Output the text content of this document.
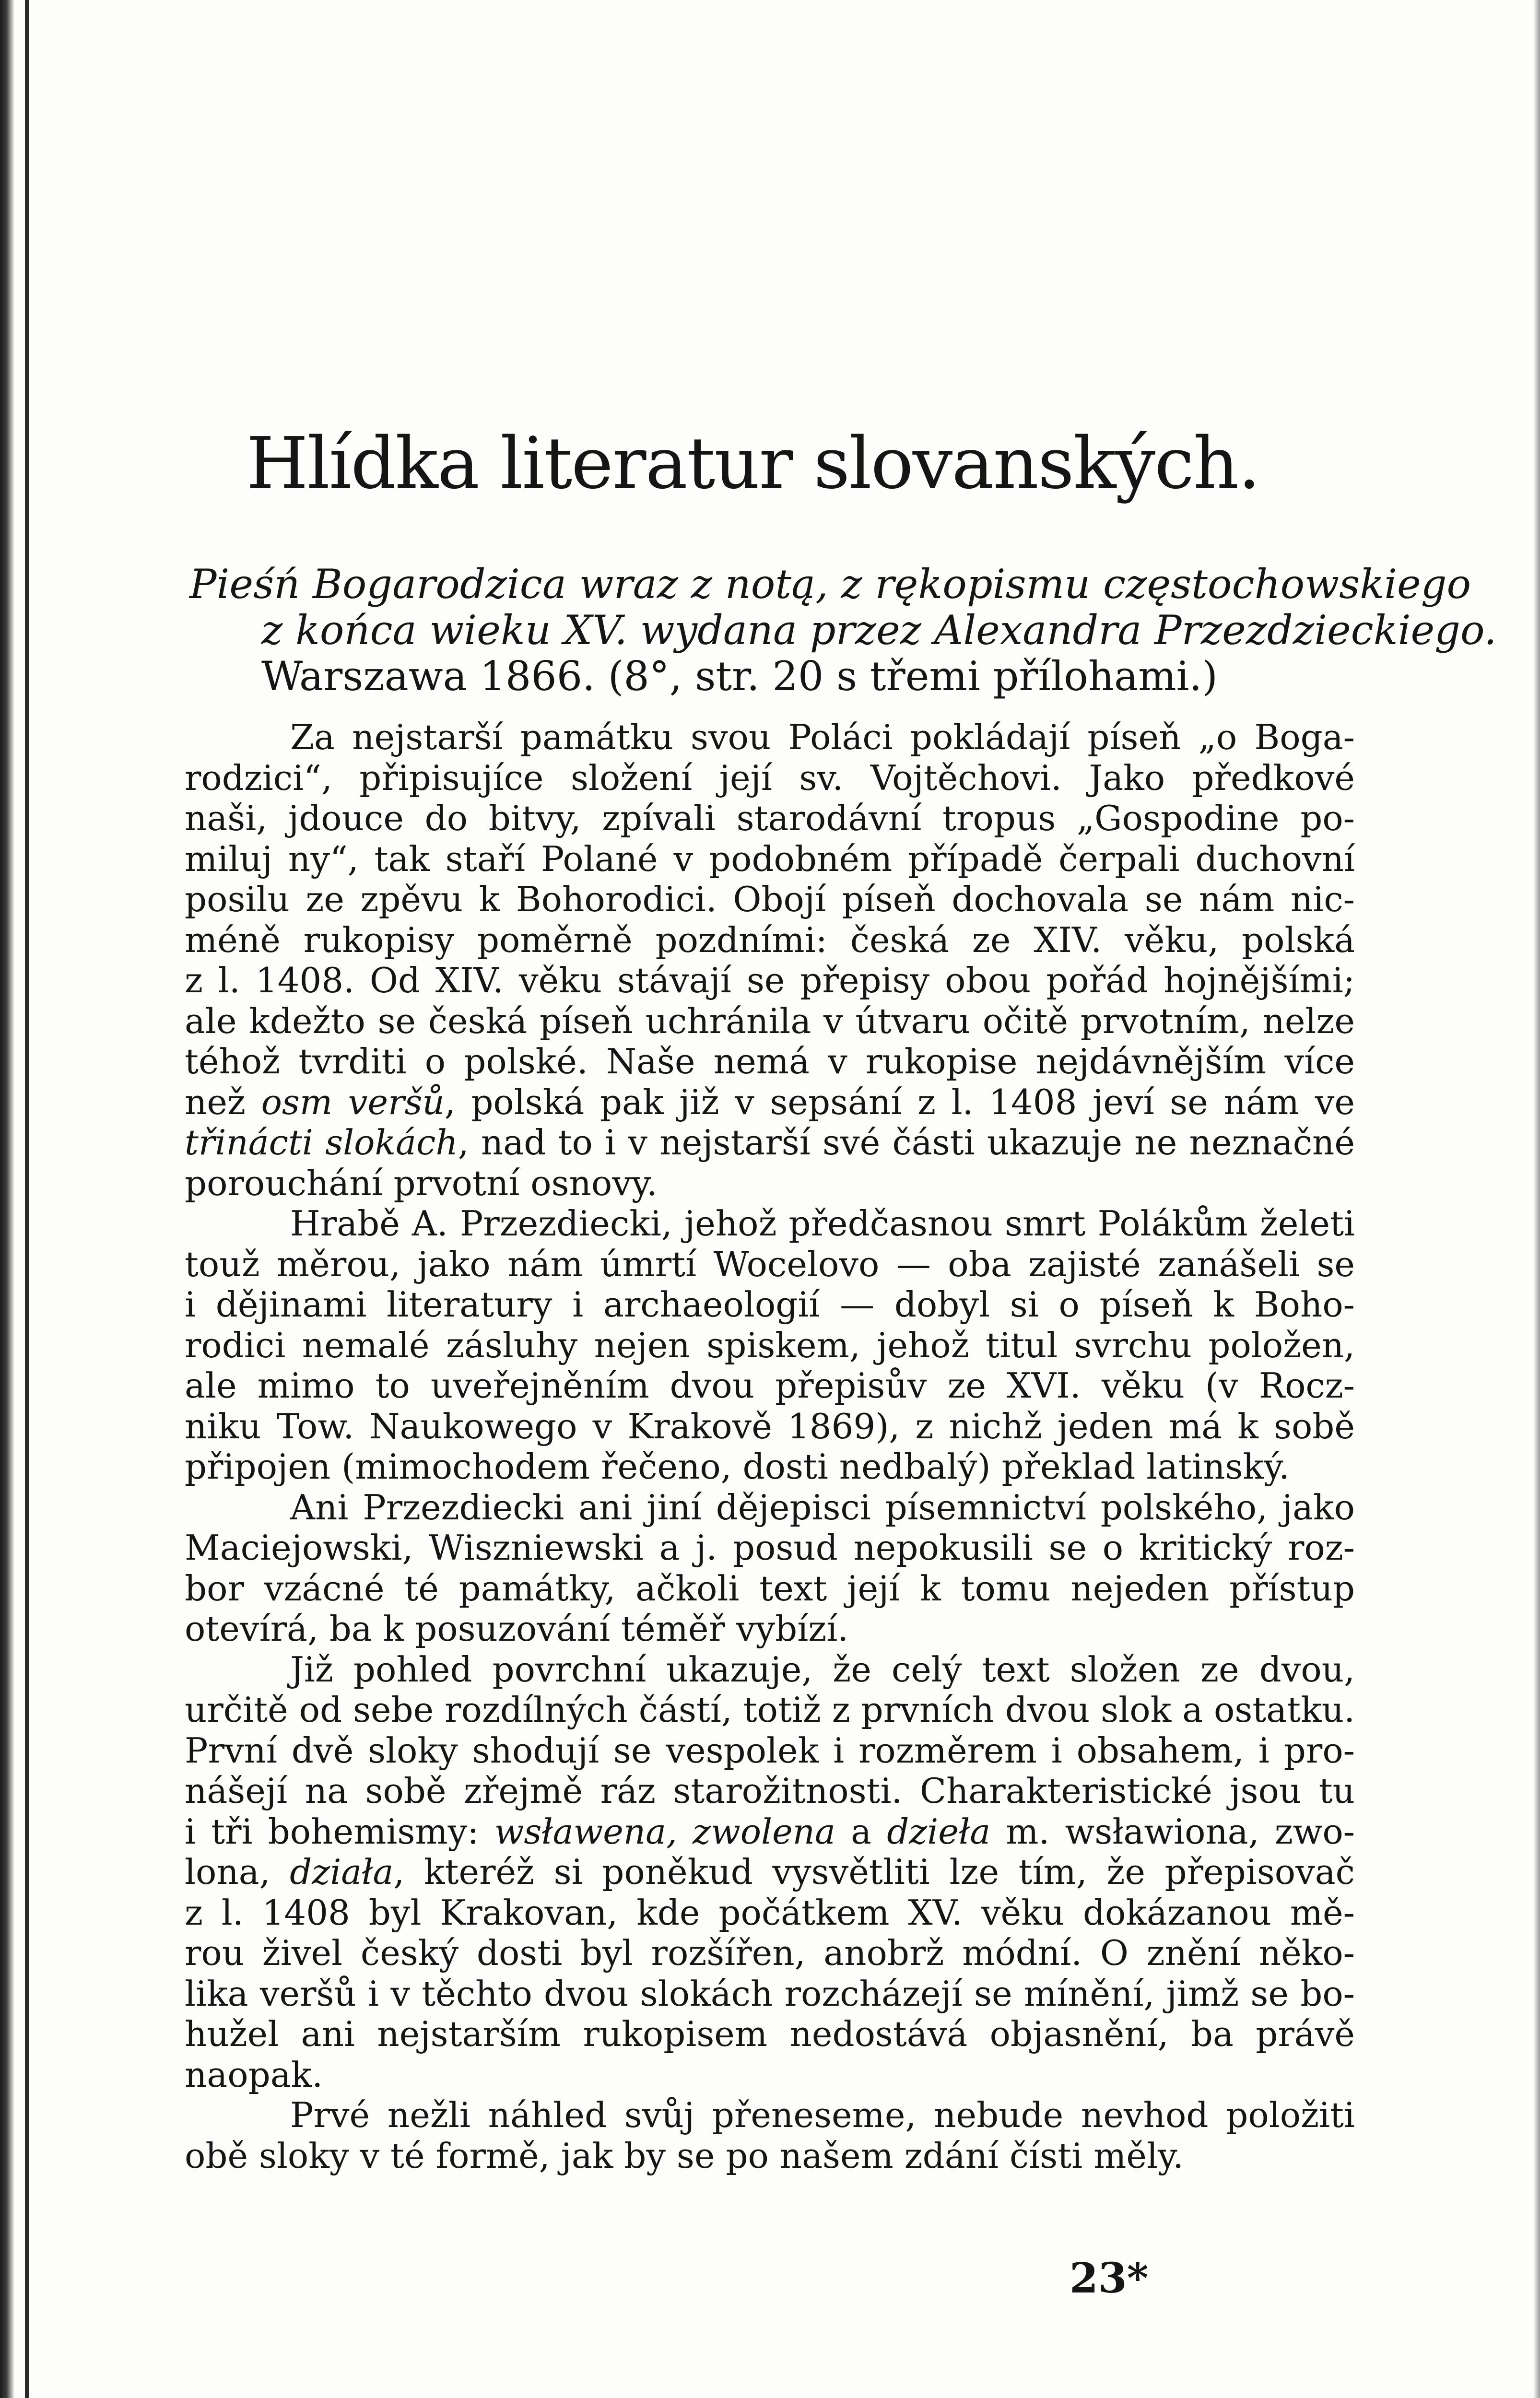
Hlídka literatur slovanských.
Pieśń Bogarodzica wraz z notą, z rękopismu częstochowskiego
z końca wieku XV. wydana przez Alexandra Przezdzieckiego.
Warszawa 1866. (8°, str. 20 s třemi přílohami.)
Za nejstarší památku svou Poláci pokládají píseň „o Boga-
rodzici“, připisujíce složení její sv. Vojtěchovi. Jako předkové
naši, jdouce do bitvy, zpívali starodávní tropus „Gospodine po-
miluj ny“, tak staří Polané v podobném případě čerpali duchovní
posilu ze zpěvu k Bohorodici. Obojí píseň dochovala se nám nic-
méně rukopisy poměrně pozdními: česká ze XIV. věku, polská
z l. 1408. Od XIV. věku stávají se přepisy obou pořád hojnějšími;
ale kdežto se česká píseň uchránila v útvaru očitě prvotním, nelze
téhož tvrditi o polské. Naše nemá v rukopise nejdávnějším více
než osm veršů, polská pak již v sepsání z l. 1408 jeví se nám ve
třinácti slokách, nad to i v nejstarší své části ukazuje ne neznačné
porouchání prvotní osnovy.
Hrabě A. Przezdiecki, jehož předčasnou smrt Polákům želeti
touž měrou, jako nám úmrtí Wocelovo — oba zajisté zanášeli se
i dějinami literatury i archaeologií — dobyl si o píseň k Boho-
rodici nemalé zásluhy nejen spiskem, jehož titul svrchu položen,
ale mimo to uveřejněním dvou přepisův ze XVI. věku (v Rocz-
niku Tow. Naukowego v Krakově 1869), z nichž jeden má k sobě
připojen (mimochodem řečeno, dosti nedbalý) překlad latinský.
Ani Przezdiecki ani jiní dějepisci písemnictví polského, jako
Maciejowski, Wiszniewski a j. posud nepokusili se o kritický roz-
bor vzácné té památky, ačkoli text její k tomu nejeden přístup
otevírá, ba k posuzování téměř vybízí.
Již pohled povrchní ukazuje, že celý text složen ze dvou,
určitě od sebe rozdílných částí, totiž z prvních dvou slok a ostatku.
První dvě sloky shodují se vespolek i rozměrem i obsahem, i pro-
nášejí na sobě zřejmě ráz starožitnosti. Charakteristické jsou tu
i tři bohemismy: wsławena, zwolena a dzieła m. wsławiona, zwo-
lona, działa, kteréž si poněkud vysvětliti lze tím, že přepisovač
z l. 1408 byl Krakovan, kde počátkem XV. věku dokázanou mě-
rou živel český dosti byl rozšířen, anobrž módní. O znění něko-
lika veršů i v těchto dvou slokách rozcházejí se mínění, jimž se bo-
hužel ani nejstarším rukopisem nedostává objasnění, ba právě
naopak.
Prvé nežli náhled svůj přeneseme, nebude nevhod položiti
obě sloky v té formě, jak by se po našem zdání čísti měly.
23*
